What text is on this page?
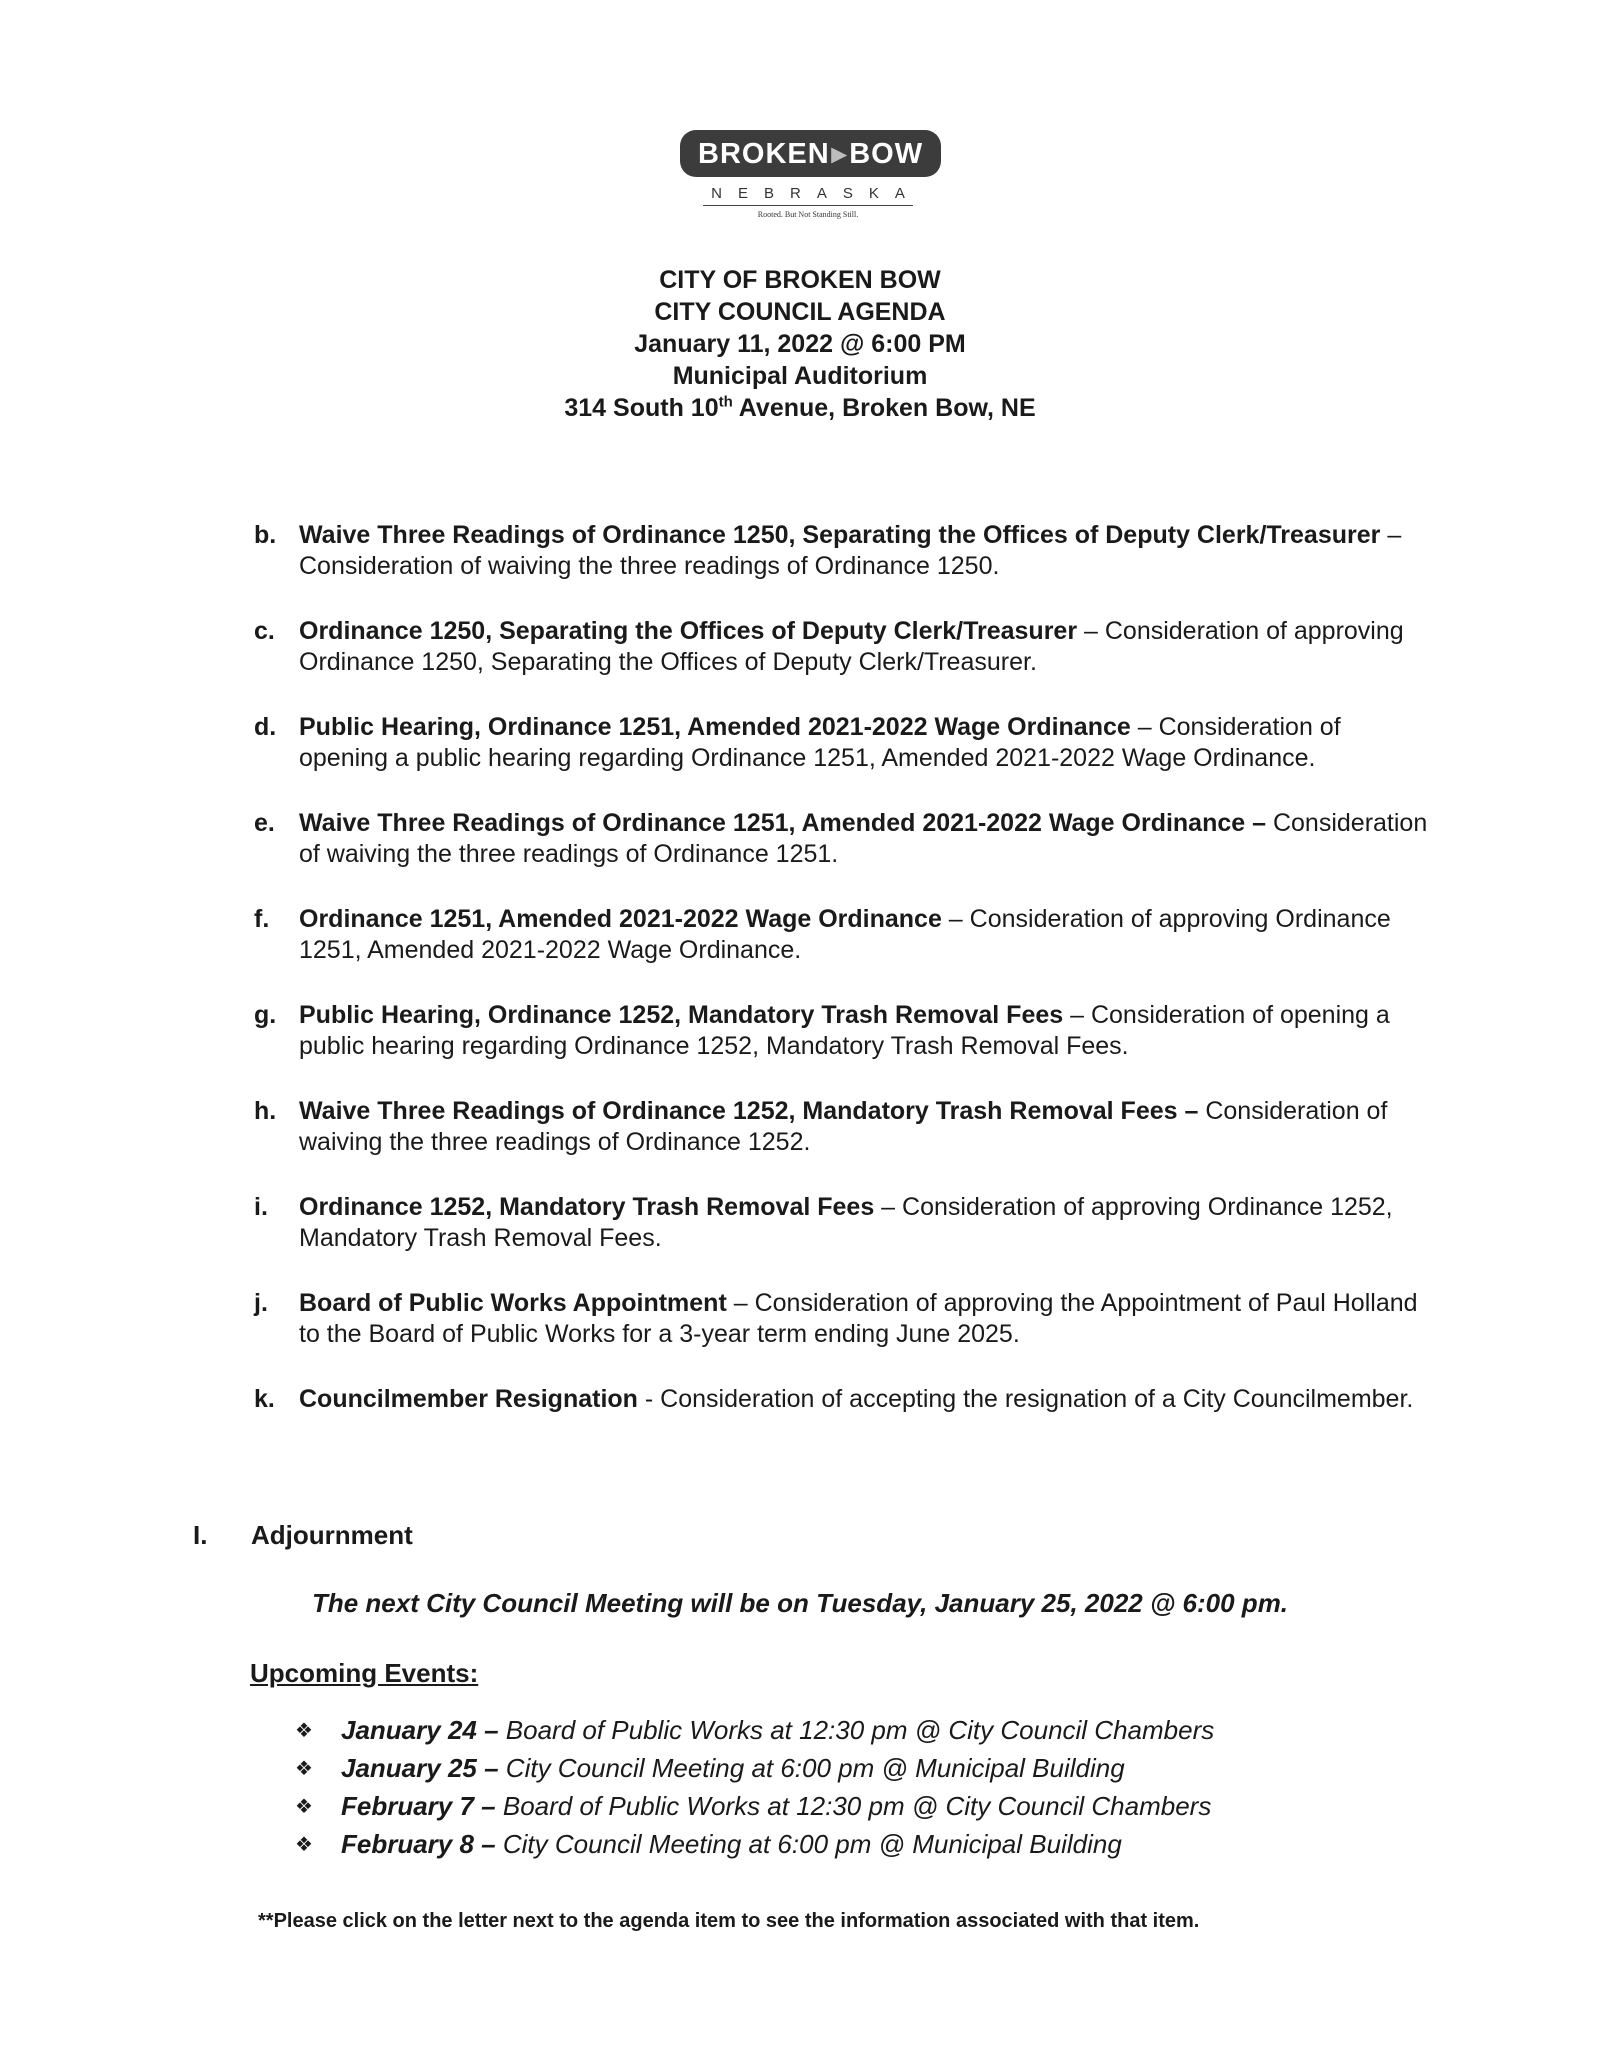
BROKEN▸BOW
NEBRASKA
Rooted. But Not Standing Still.
CITY OF BROKEN BOW
CITY COUNCIL AGENDA
January 11, 2022 @ 6:00 PM
Municipal Auditorium
314 South 10th Avenue, Broken Bow, NE
b. Waive Three Readings of Ordinance 1250, Separating the Offices of Deputy Clerk/Treasurer – Consideration of waiving the three readings of Ordinance 1250.
c. Ordinance 1250, Separating the Offices of Deputy Clerk/Treasurer – Consideration of approving Ordinance 1250, Separating the Offices of Deputy Clerk/Treasurer.
d. Public Hearing, Ordinance 1251, Amended 2021-2022 Wage Ordinance – Consideration of opening a public hearing regarding Ordinance 1251, Amended 2021-2022 Wage Ordinance.
e. Waive Three Readings of Ordinance 1251, Amended 2021-2022 Wage Ordinance – Consideration of waiving the three readings of Ordinance 1251.
f. Ordinance 1251, Amended 2021-2022 Wage Ordinance – Consideration of approving Ordinance 1251, Amended 2021-2022 Wage Ordinance.
g. Public Hearing, Ordinance 1252, Mandatory Trash Removal Fees – Consideration of opening a public hearing regarding Ordinance 1252, Mandatory Trash Removal Fees.
h. Waive Three Readings of Ordinance 1252, Mandatory Trash Removal Fees – Consideration of waiving the three readings of Ordinance 1252.
i. Ordinance 1252, Mandatory Trash Removal Fees – Consideration of approving Ordinance 1252, Mandatory Trash Removal Fees.
j. Board of Public Works Appointment – Consideration of approving the Appointment of Paul Holland to the Board of Public Works for a 3-year term ending June 2025.
k. Councilmember Resignation - Consideration of accepting the resignation of a City Councilmember.
I. Adjournment
The next City Council Meeting will be on Tuesday, January 25, 2022 @ 6:00 pm.
Upcoming Events:
❖ January 24 – Board of Public Works at 12:30 pm @ City Council Chambers
❖ January 25 – City Council Meeting at 6:00 pm @ Municipal Building
❖ February 7 – Board of Public Works at 12:30 pm @ City Council Chambers
❖ February 8 – City Council Meeting at 6:00 pm @ Municipal Building
**Please click on the letter next to the agenda item to see the information associated with that item.
